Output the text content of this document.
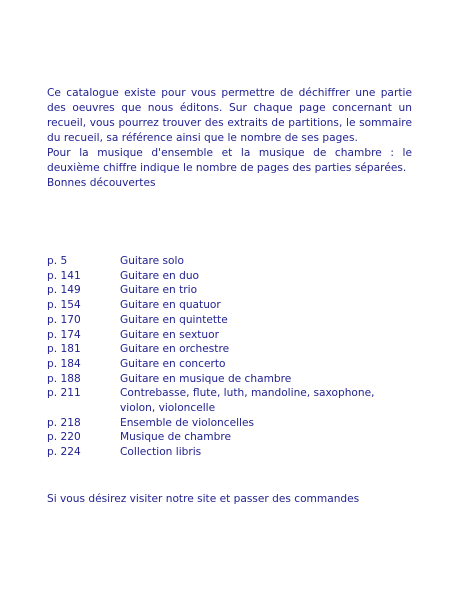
Ce catalogue existe pour vous permettre de déchiffrer une partie des oeuvres que nous éditons. Sur chaque page concernant un recueil, vous pourrez trouver des extraits de partitions, le sommaire du recueil, sa référence ainsi que le nombre de ses pages.

Pour la musique d'ensemble et la musique de chambre : le deuxième chiffre indique le nombre de pages des parties séparées.

Bonnes découvertes

p. 5	Guitare solo
p. 141	Guitare en duo
p. 149	Guitare en trio
p. 154	Guitare en quatuor
p. 170	Guitare en quintette
p. 174	Guitare en sextuor
p. 181	Guitare en orchestre
p. 184	Guitare en concerto
p. 188	Guitare en musique de chambre
p. 211	Contrebasse, flute, luth, mandoline, saxophone, violon, violoncelle
p. 218	Ensemble de violoncelles
p. 220	Musique de chambre
p. 224	Collection libris
Si vous désirez visiter notre site et passer des commandes
